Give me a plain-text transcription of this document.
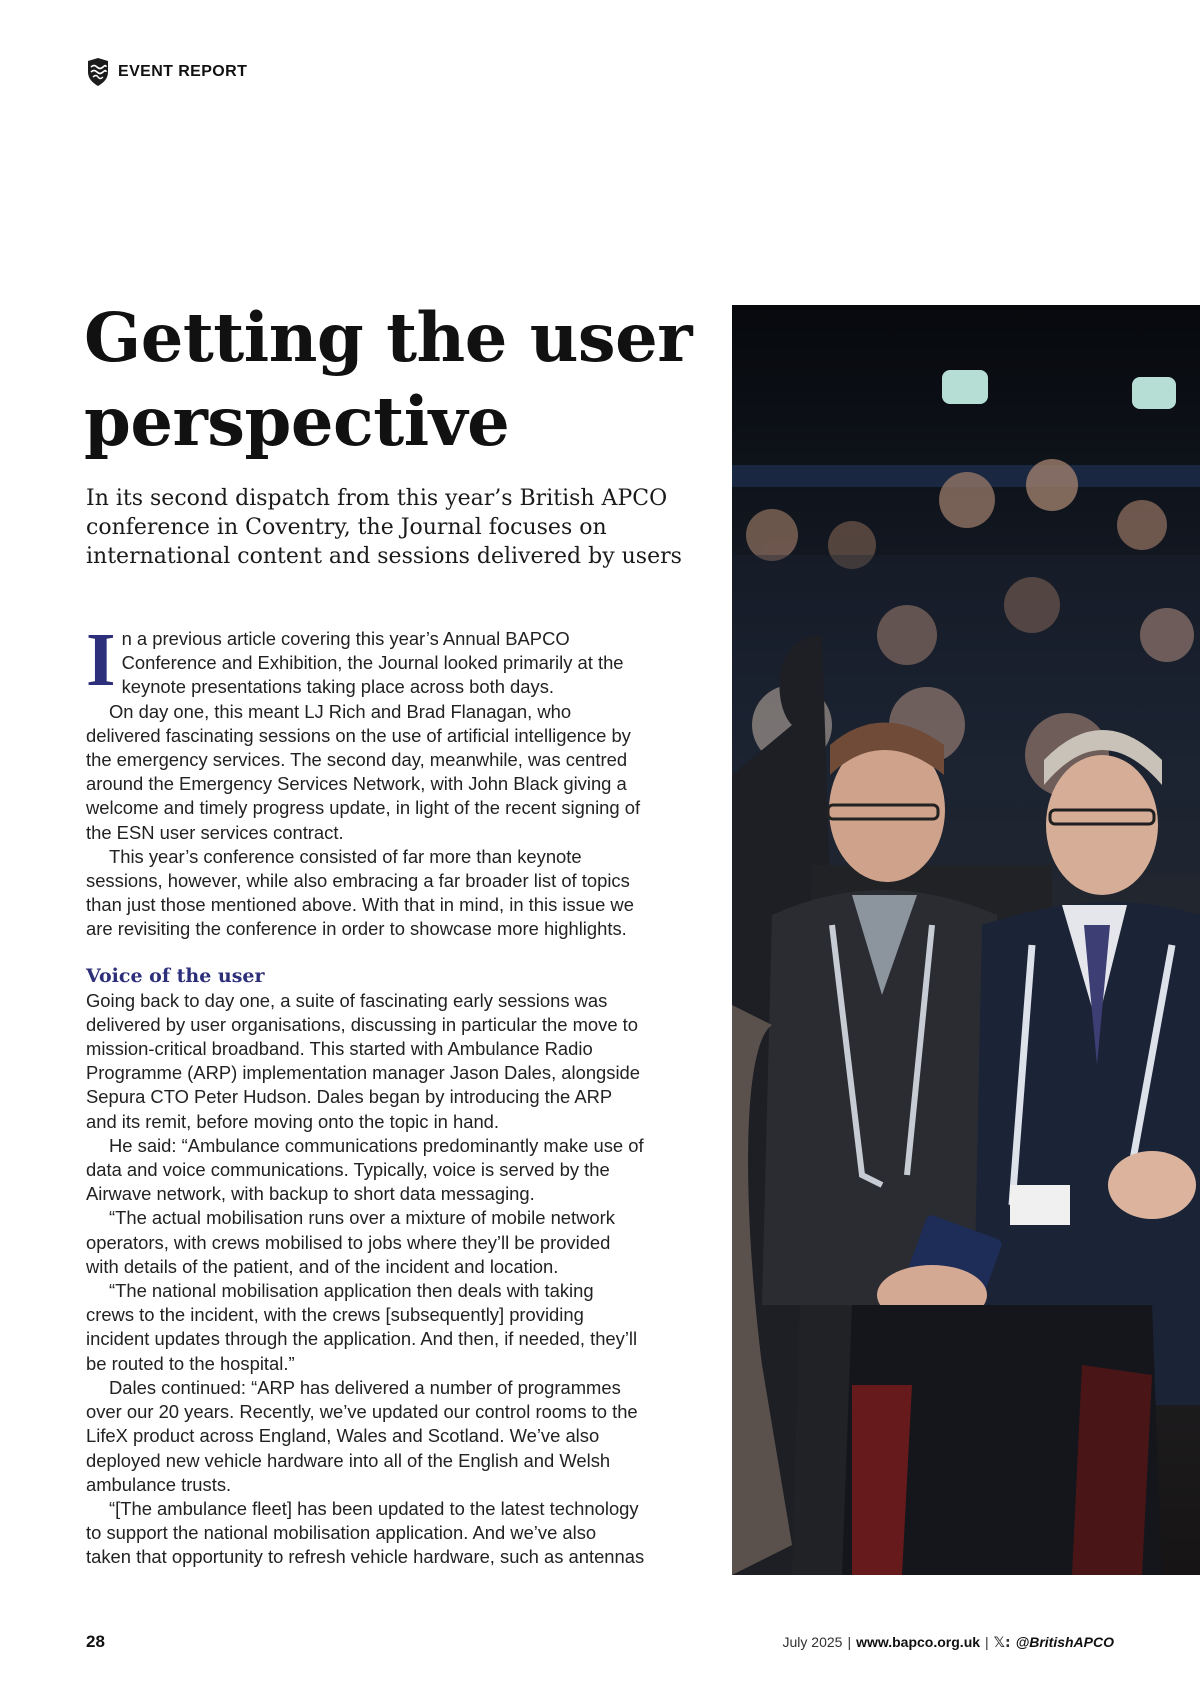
EVENT REPORT
Getting the user perspective

In its second dispatch from this year’s British APCO conference in Coventry, the Journal focuses on international content and sessions delivered by users

In a previous article covering this year’s Annual BAPCO Conference and Exhibition, the Journal looked primarily at the keynote presentations taking place across both days.

On day one, this meant LJ Rich and Brad Flanagan, who delivered fascinating sessions on the use of artificial intelligence by the emergency services. The second day, meanwhile, was centred around the Emergency Services Network, with John Black giving a welcome and timely progress update, in light of the recent signing of the ESN user services contract.

This year’s conference consisted of far more than keynote sessions, however, while also embracing a far broader list of topics than just those mentioned above. With that in mind, in this issue we are revisiting the conference in order to showcase more highlights.

Voice of the user

Going back to day one, a suite of fascinating early sessions was delivered by user organisations, discussing in particular the move to mission-critical broadband. This started with Ambulance Radio Programme (ARP) implementation manager Jason Dales, alongside Sepura CTO Peter Hudson. Dales began by introducing the ARP and its remit, before moving onto the topic in hand.

He said: “Ambulance communications predominantly make use of data and voice communications. Typically, voice is served by the Airwave network, with backup to short data messaging.

“The actual mobilisation runs over a mixture of mobile network operators, with crews mobilised to jobs where they’ll be provided with details of the patient, and of the incident and location.

“The national mobilisation application then deals with taking crews to the incident, with the crews [subsequently] providing incident updates through the application. And then, if needed, they’ll be routed to the hospital.”

Dales continued: “ARP has delivered a number of programmes over our 20 years. Recently, we’ve updated our control rooms to the LifeX product across England, Wales and Scotland. We’ve also deployed new vehicle hardware into all of the English and Welsh ambulance trusts.

“[The ambulance fleet] has been updated to the latest technology to support the national mobilisation application. And we’ve also taken that opportunity to refresh vehicle hardware, such as antennas

28	July 2025 | www.bapco.org.uk | 𝕏: @BritishAPCO
